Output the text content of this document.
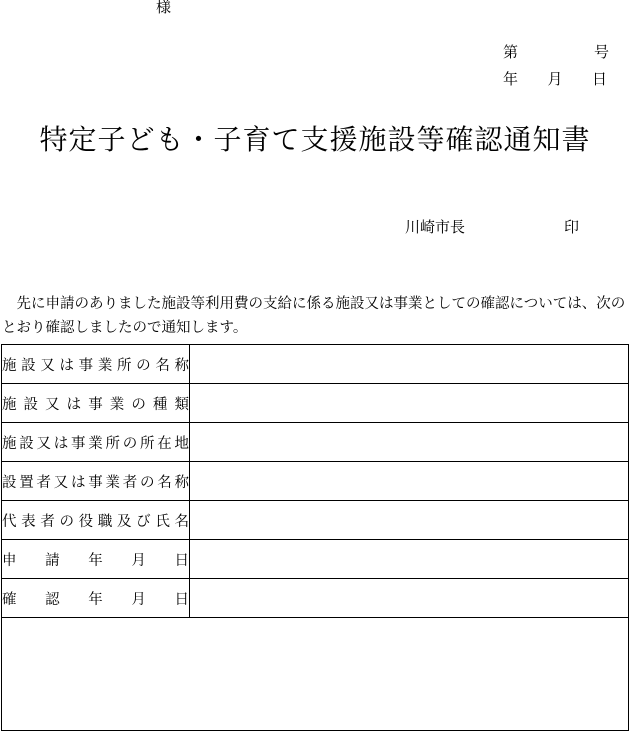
様
第	号
年 月 日
特定子ども・子育て支援施設等確認通知書
川崎市長	印

　先に申請のありました施設等利用費の支給に係る施設又は事業としての確認については、次の
とおり確認しましたので通知します。

施設又は事業所の名称	
施設又は事業の種類	
施設又は事業所の所在地	
設置者又は事業者の名称	
代表者の役職及び氏名	
申請年月日	
確認年月日	
